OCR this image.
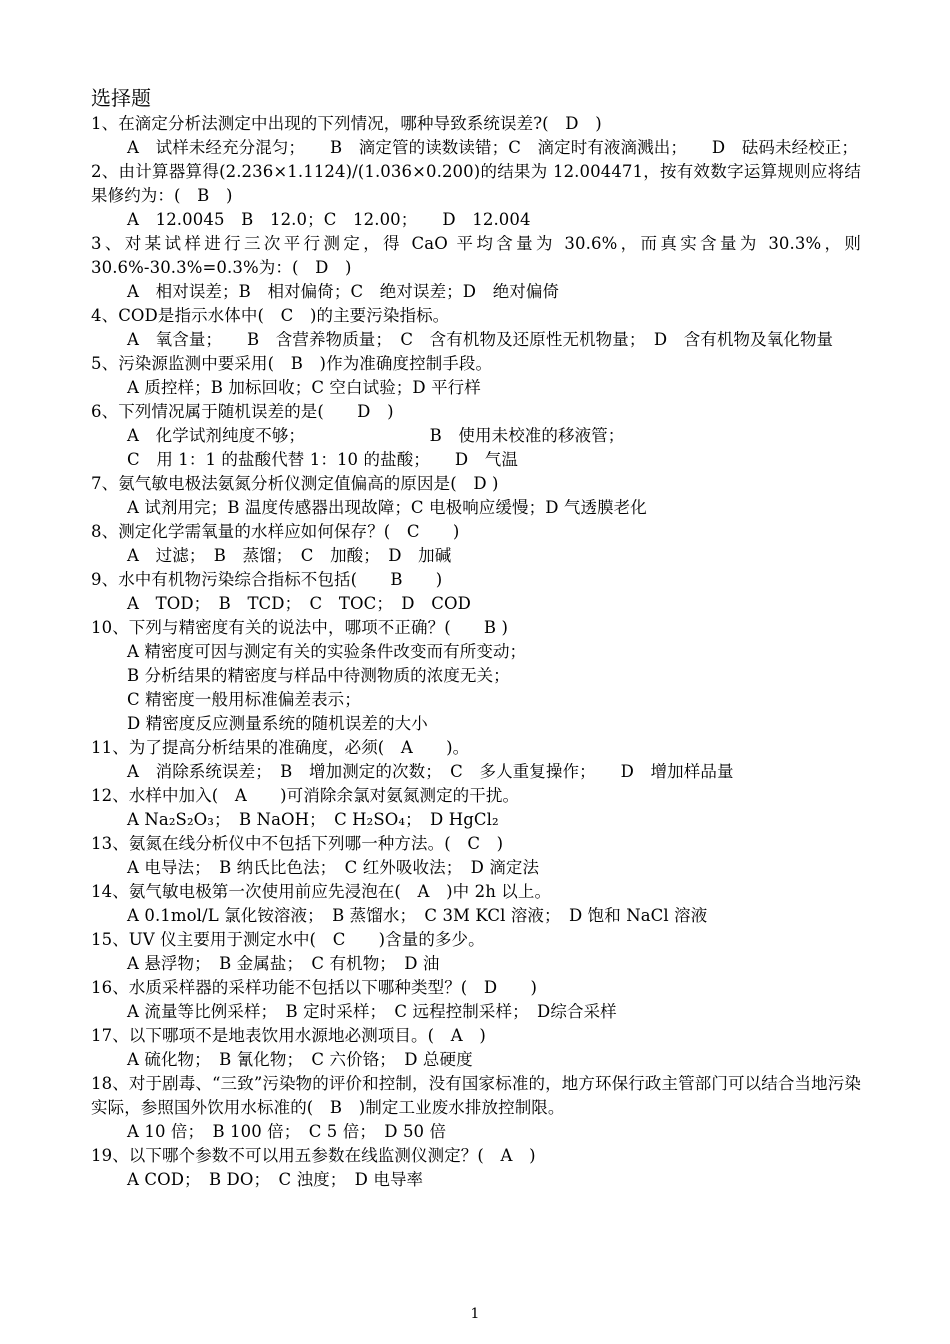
选择题
1、在滴定分析法测定中出现的下列情况，哪种导致系统误差?(　D　)
A　试样未经充分混匀；　　B　滴定管的读数读错；C　滴定时有液滴溅出；　　D　砝码未经校正；
2、由计算器算得(2.236×1.1124)/(1.036×0.200)的结果为 12.004471，按有效数字运算规则应将结果修约为：(　B　)
A　12.0045　B　12.0；C　12.00；　　D　12.004
3、对某试样进行三次平行测定，得 CaO 平均含量为 30.6%，而真实含量为 30.3%，则 30.6%-30.3%=0.3%为：(　D　)
A　相对误差；B　相对偏倚；C　绝对误差；D　绝对偏倚
4、COD是指示水体中(　C　)的主要污染指标。
A　氧含量；　　B　含营养物质量；　C　含有机物及还原性无机物量；　D　含有机物及氧化物量
5、污染源监测中要采用(　B　)作为准确度控制手段。
A 质控样；B 加标回收；C 空白试验；D 平行样
6、下列情况属于随机误差的是(　　D　)
A　化学试剂纯度不够；　　　　　　　　B　使用未校准的移液管；
C　用 1：1 的盐酸代替 1：10 的盐酸；　　D　气温
7、氨气敏电极法氨氮分析仪测定值偏高的原因是(　D )
A 试剂用完；B 温度传感器出现故障；C 电极响应缓慢；D 气透膜老化
8、测定化学需氧量的水样应如何保存？(　C　　)
A　过滤；　B　蒸馏；　C　加酸；　D　加碱
9、水中有机物污染综合指标不包括(　　B　　)
A　TOD；　B　TCD；　C　TOC；　D　COD
10、下列与精密度有关的说法中，哪项不正确？(　　B )
A 精密度可因与测定有关的实验条件改变而有所变动；
B 分析结果的精密度与样品中待测物质的浓度无关；
C 精密度一般用标准偏差表示；
D 精密度反应测量系统的随机误差的大小
11、为了提高分析结果的准确度，必须(　A　　)。
A　消除系统误差；　B　增加测定的次数；　C　多人重复操作；　　D　增加样品量
12、水样中加入(　A　　)可消除余氯对氨氮测定的干扰。
A Na₂S₂O₃；　B NaOH；　C H₂SO₄；　D HgCl₂
13、氨氮在线分析仪中不包括下列哪一种方法。(　C　)
A 电导法；　B 纳氏比色法；　C 红外吸收法；　D 滴定法
14、氨气敏电极第一次使用前应先浸泡在(　A　)中 2h 以上。
A 0.1mol/L 氯化铵溶液；　B 蒸馏水；　C 3M KCl 溶液；　D 饱和 NaCl 溶液
15、UV 仪主要用于测定水中(　C　　)含量的多少。
A 悬浮物；　B 金属盐；　C 有机物；　D 油
16、水质采样器的采样功能不包括以下哪种类型？(　D　　)
A 流量等比例采样；　B 定时采样；　C 远程控制采样；　D综合采样
17、以下哪项不是地表饮用水源地必测项目。(　A　)
A 硫化物；　B 氰化物；　C 六价铬；　D 总硬度
18、对于剧毒、“三致”污染物的评价和控制，没有国家标准的，地方环保行政主管部门可以结合当地污染实际，参照国外饮用水标准的(　B　)制定工业废水排放控制限。
A 10 倍；　B 100 倍；　C 5 倍；　D 50 倍
19、以下哪个参数不可以用五参数在线监测仪测定？(　A　)
A COD；　B DO；　C 浊度；　D 电导率
1
